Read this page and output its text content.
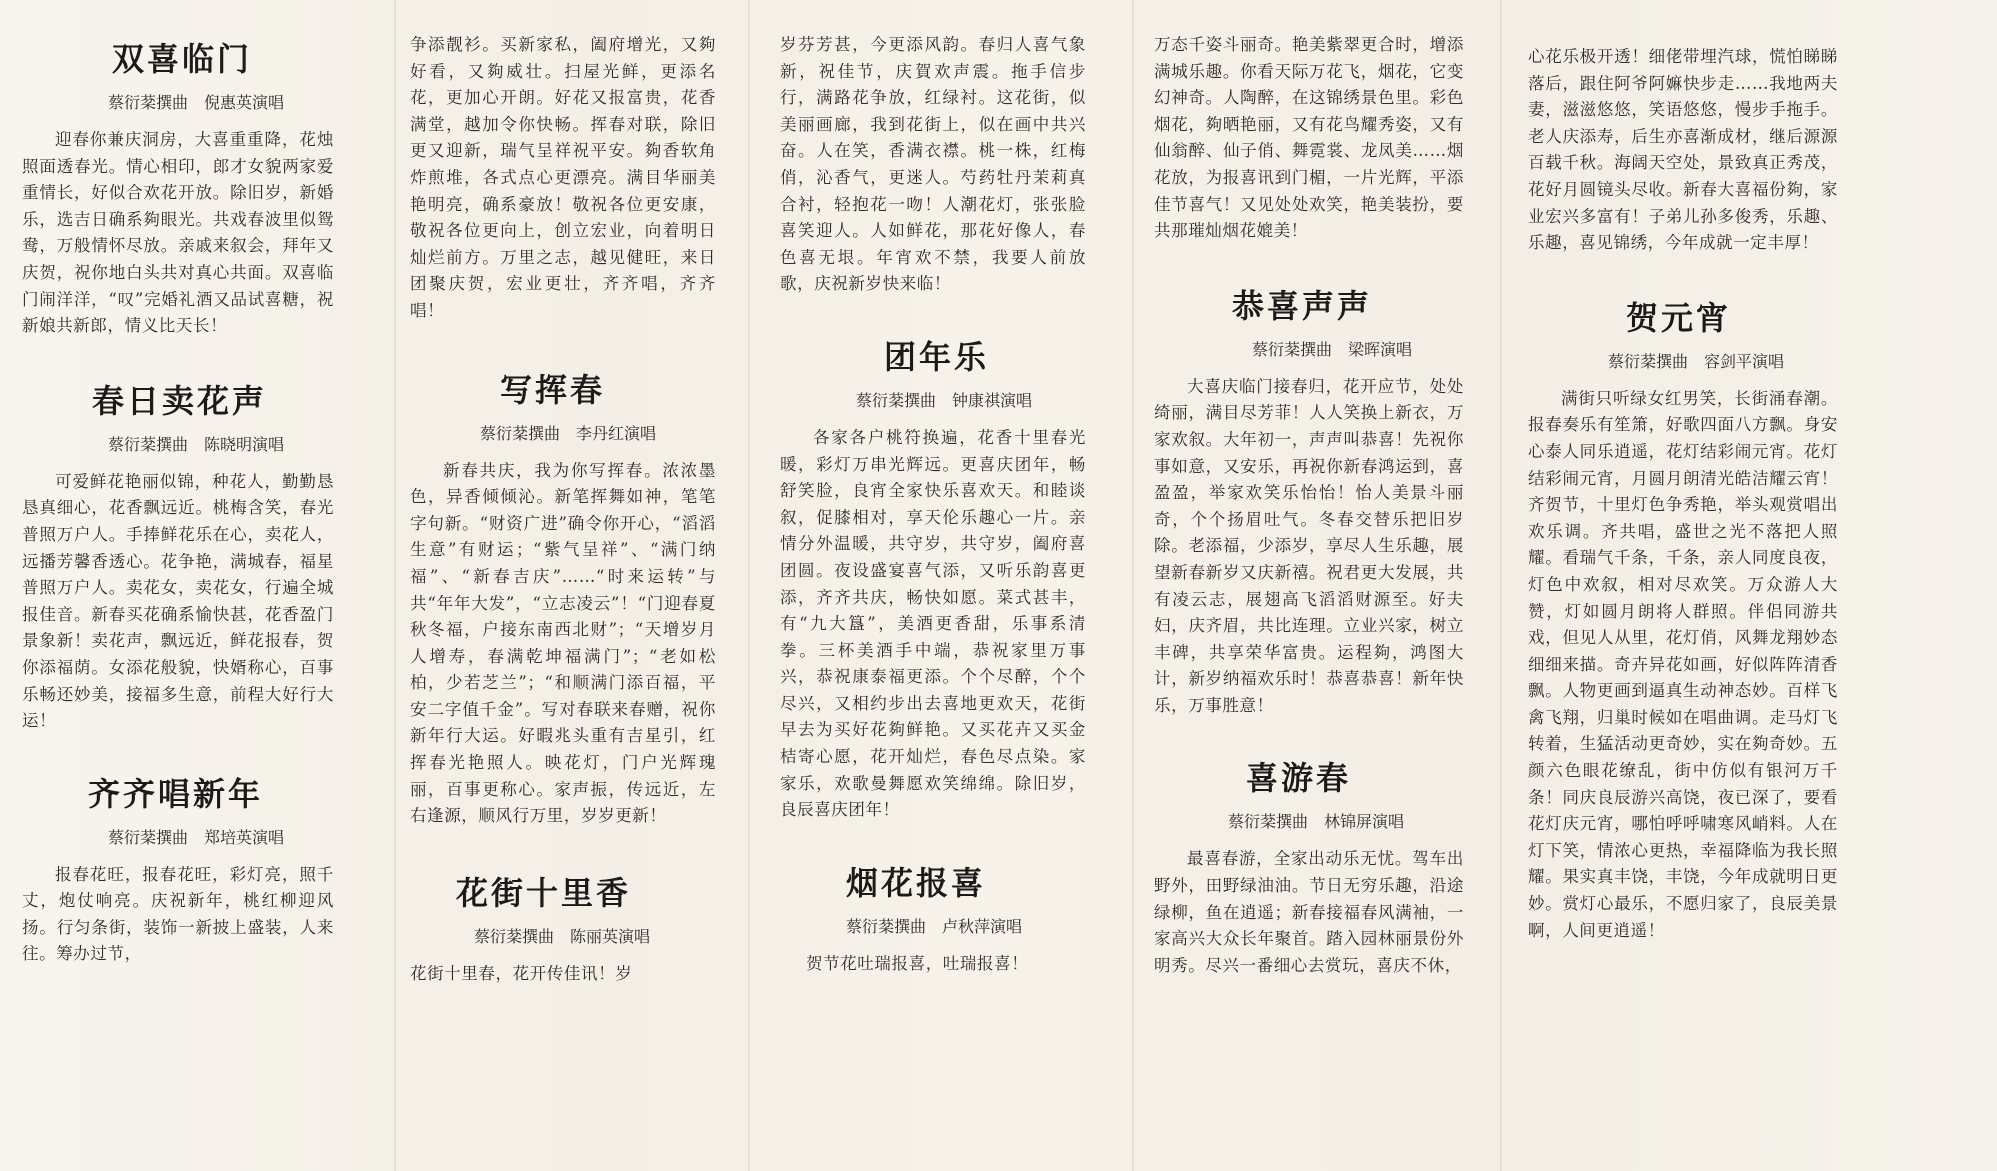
双喜临门

蔡衍棻撰曲　倪惠英演唱

迎春你兼庆洞房，大喜重重降，花烛照面透春光。情心相印，郎才女貌两家爱重情长，好似合欢花开放。除旧岁，新婚乐，选吉日确系夠眼光。共戏春波里似鸳鸯，万般情怀尽放。亲戚来叙会，拜年又庆贺，祝你地白头共对真心共面。双喜临门闹洋洋，“叹”完婚礼酒又品试喜糖，祝新娘共新郎，情义比天长！

春日卖花声

蔡衍棻撰曲　陈晓明演唱

可爱鲜花艳丽似锦，种花人，勤勤恳恳真细心，花香飘远近。桃梅含笑，春光普照万户人。手捧鲜花乐在心，卖花人，远播芳馨香透心。花争艳，满城春，福星普照万户人。卖花女，卖花女，行遍全城报佳音。新春买花确系愉快甚，花香盈门景象新！卖花声，飘远近，鲜花报春，贺你添福荫。女添花般貌，快婿称心，百事乐畅还妙美，接福多生意，前程大好行大运！

齐齐唱新年

蔡衍棻撰曲　郑培英演唱

报春花旺，报春花旺，彩灯亮，照千丈，炮仗响亮。庆祝新年，桃红柳迎风扬。行匀条街，装饰一新披上盛装，人来往。筹办过节，

争添靓衫。买新家私，阖府增光，又夠好看，又夠威壮。扫屋光鲜，更添名花，更加心开朗。好花又报富贵，花香满堂，越加令你快畅。挥春对联，除旧更又迎新，瑞气呈祥祝平安。夠香软角炸煎堆，各式点心更漂亮。满目华丽美艳明亮，确系豪放！敬祝各位更安康，敬祝各位更向上，创立宏业，向着明日灿烂前方。万里之志，越见健旺，来日团聚庆贺，宏业更壮，齐齐唱，齐齐唱！

写挥春

蔡衍棻撰曲　李丹红演唱

新春共庆，我为你写挥春。浓浓墨色，异香倾倾沁。新笔挥舞如神，笔笔字句新。“财资广进”确令你开心，“滔滔生意”有财运；“紫气呈祥”、“满门纳福”、“新春吉庆”……“时来运转”与共“年年大发”，“立志凌云”！“门迎春夏秋冬福，户接东南西北财”；“天增岁月人增寿，春满乾坤福满门”；“老如松柏，少若芝兰”；“和顺满门添百福，平安二字值千金”。写对春联来春赠，祝你新年行大运。好暇兆头重有吉星引，红挥春光艳照人。映花灯，门户光辉瑰丽，百事更称心。家声振，传远近，左右逢源，顺风行万里，岁岁更新！

花街十里香

蔡衍棻撰曲　陈丽英演唱

花街十里春，花开传佳讯！岁

岁芬芳甚，今更添风韵。春归人喜气象新，祝佳节，庆賀欢声震。拖手信步行，满路花争放，红绿衬。这花街，似美丽画廊，我到花街上，似在画中共兴奋。人在笑，香满衣襟。桃一株，红梅俏，沁香气，更迷人。芍药牡丹茉莉真合衬，轻抱花一吻！人潮花灯，张张脸喜笑迎人。人如鲜花，那花好像人，春色喜无垠。年宵欢不禁，我要人前放歌，庆祝新岁快来临！

团年乐

蔡衍棻撰曲　钟康祺演唱

各家各户桃符换遍，花香十里春光暖，彩灯万串光辉远。更喜庆团年，畅舒笑脸，良宵全家快乐喜欢天。和睦谈叙，促膝相对，享天伦乐趣心一片。亲情分外温暖，共守岁，共守岁，阖府喜团圆。夜设盛宴喜气添，又听乐韵喜更添，齐齐共庆，畅快如愿。菜式甚丰，有“九大簋”，美酒更香甜，乐事系清拳。三杯美酒手中端，恭祝家里万事兴，恭祝康泰福更添。个个尽醉，个个尽兴，又相约步出去喜地更欢天，花街早去为买好花夠鲜艳。又买花卉又买金桔寄心愿，花开灿烂，春色尽点染。家家乐，欢歌曼舞愿欢笑绵绵。除旧岁，良辰喜庆团年！

烟花报喜

蔡衍棻撰曲　卢秋萍演唱

贺节花吐瑞报喜，吐瑞报喜！

万态千姿斗丽奇。艳美紫翠更合时，增添满城乐趣。你看天际万花飞，烟花，它变幻神奇。人陶醉，在这锦绣景色里。彩色烟花，夠晒艳丽，又有花鸟耀秀姿，又有仙翁醉、仙子俏、舞霓裳、龙凤美……烟花放，为报喜讯到门楣，一片光辉，平添佳节喜气！又见处处欢笑，艳美装扮，要共那璀灿烟花媲美！

恭喜声声

蔡衍棻撰曲　梁晖演唱

大喜庆临门接春归，花开应节，处处绮丽，满目尽芳菲！人人笑换上新衣，万家欢叙。大年初一，声声叫恭喜！先祝你事如意，又安乐，再祝你新春鸿运到，喜盈盈，举家欢笑乐怡怡！怡人美景斗丽奇，个个扬眉吐气。冬春交替乐把旧岁除。老添福，少添岁，享尽人生乐趣，展望新春新岁又庆新禧。祝君更大发展，共有凌云志，展翅高飞滔滔财源至。好夫妇，庆齐眉，共比连理。立业兴家，树立丰碑，共享荣华富贵。运程夠，鸿图大计，新岁纳福欢乐时！恭喜恭喜！新年快乐，万事胜意！

喜游春

蔡衍棻撰曲　林锦屏演唱

最喜春游，全家出动乐无忧。驾车出野外，田野绿油油。节日无穷乐趣，沿途绿柳，鱼在逍遥；新春接福春风满袖，一家高兴大众长年聚首。踏入园林丽景份外明秀。尽兴一番细心去赏玩，喜庆不休，

心花乐极开透！细佬带埋汽球，慌怕睇睇落后，跟住阿爷阿嫲快步走……我地两夫妻，滋滋悠悠，笑语悠悠，慢步手拖手。老人庆添寿，后生亦喜渐成材，继后源源百载千秋。海阔天空处，景致真正秀茂，花好月圆镜头尽收。新春大喜福份夠，家业宏兴多富有！子弟儿孙多俊秀，乐趣、乐趣，喜见锦绣，今年成就一定丰厚！

贺元宵

蔡衍棻撰曲　容剑平演唱

满街只听绿女红男笑，长街涌春潮。报春奏乐有笙箫，好歌四面八方飘。身安心泰人同乐逍遥，花灯结彩闹元宵。花灯结彩闹元宵，月圆月朗清光皓洁耀云宵！齐贺节，十里灯色争秀艳，举头观赏唱出欢乐调。齐共唱，盛世之光不落把人照耀。看瑞气千条，千条，亲人同度良夜，灯色中欢叙，相对尽欢笑。万众游人大赞，灯如圆月朗将人群照。伴侣同游共戏，但见人从里，花灯俏，风舞龙翔妙态细细来描。奇卉异花如画，好似阵阵清香飘。人物更画到逼真生动神态妙。百样飞禽飞翔，归巢时候如在唱曲调。走马灯飞转着，生猛活动更奇妙，实在夠奇妙。五颜六色眼花缭乱，街中仿似有银河万千条！同庆良辰游兴高饶，夜已深了，要看花灯庆元宵，哪怕呼呼啸寒风峭料。人在灯下笑，情浓心更热，幸福降临为我长照耀。果实真丰饶，丰饶，今年成就明日更妙。赏灯心最乐，不愿归家了，良辰美景啊，人间更逍遥！
